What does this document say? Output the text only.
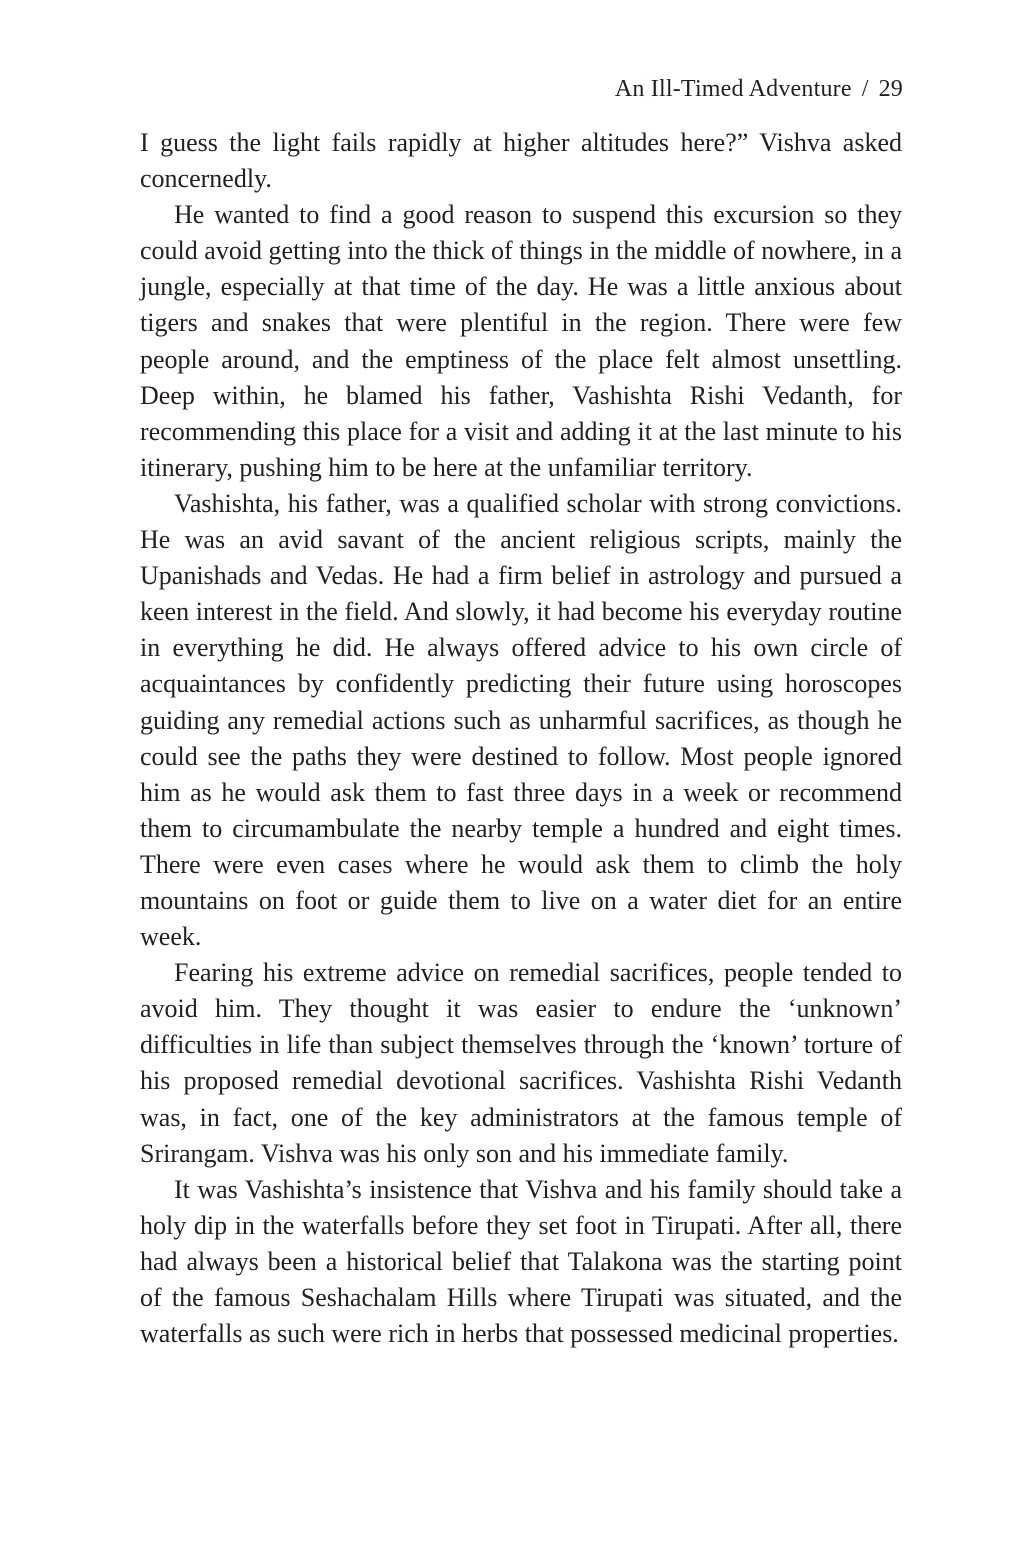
An Ill-Timed Adventure / 29

I guess the light fails rapidly at higher altitudes here?” Vishva asked concernedly.

He wanted to find a good reason to suspend this excursion so they could avoid getting into the thick of things in the middle of nowhere, in a jungle, especially at that time of the day. He was a little anxious about tigers and snakes that were plentiful in the region. There were few people around, and the emptiness of the place felt almost unsettling. Deep within, he blamed his father, Vashishta Rishi Vedanth, for recommending this place for a visit and adding it at the last minute to his itinerary, pushing him to be here at the unfamiliar territory.

Vashishta, his father, was a qualified scholar with strong convictions. He was an avid savant of the ancient religious scripts, mainly the Upanishads and Vedas. He had a firm belief in astrology and pursued a keen interest in the field. And slowly, it had become his everyday routine in everything he did. He always offered advice to his own circle of acquaintances by confidently predicting their future using horoscopes guiding any remedial actions such as unharmful sacrifices, as though he could see the paths they were destined to follow. Most people ignored him as he would ask them to fast three days in a week or recommend them to circumambulate the nearby temple a hundred and eight times. There were even cases where he would ask them to climb the holy mountains on foot or guide them to live on a water diet for an entire week.

Fearing his extreme advice on remedial sacrifices, people tended to avoid him. They thought it was easier to endure the ‘unknown’ difficulties in life than subject themselves through the ‘known’ torture of his proposed remedial devotional sacrifices. Vashishta Rishi Vedanth was, in fact, one of the key administrators at the famous temple of Srirangam. Vishva was his only son and his immediate family.

It was Vashishta’s insistence that Vishva and his family should take a holy dip in the waterfalls before they set foot in Tirupati. After all, there had always been a historical belief that Talakona was the starting point of the famous Seshachalam Hills where Tirupati was situated, and the waterfalls as such were rich in herbs that possessed medicinal properties.
